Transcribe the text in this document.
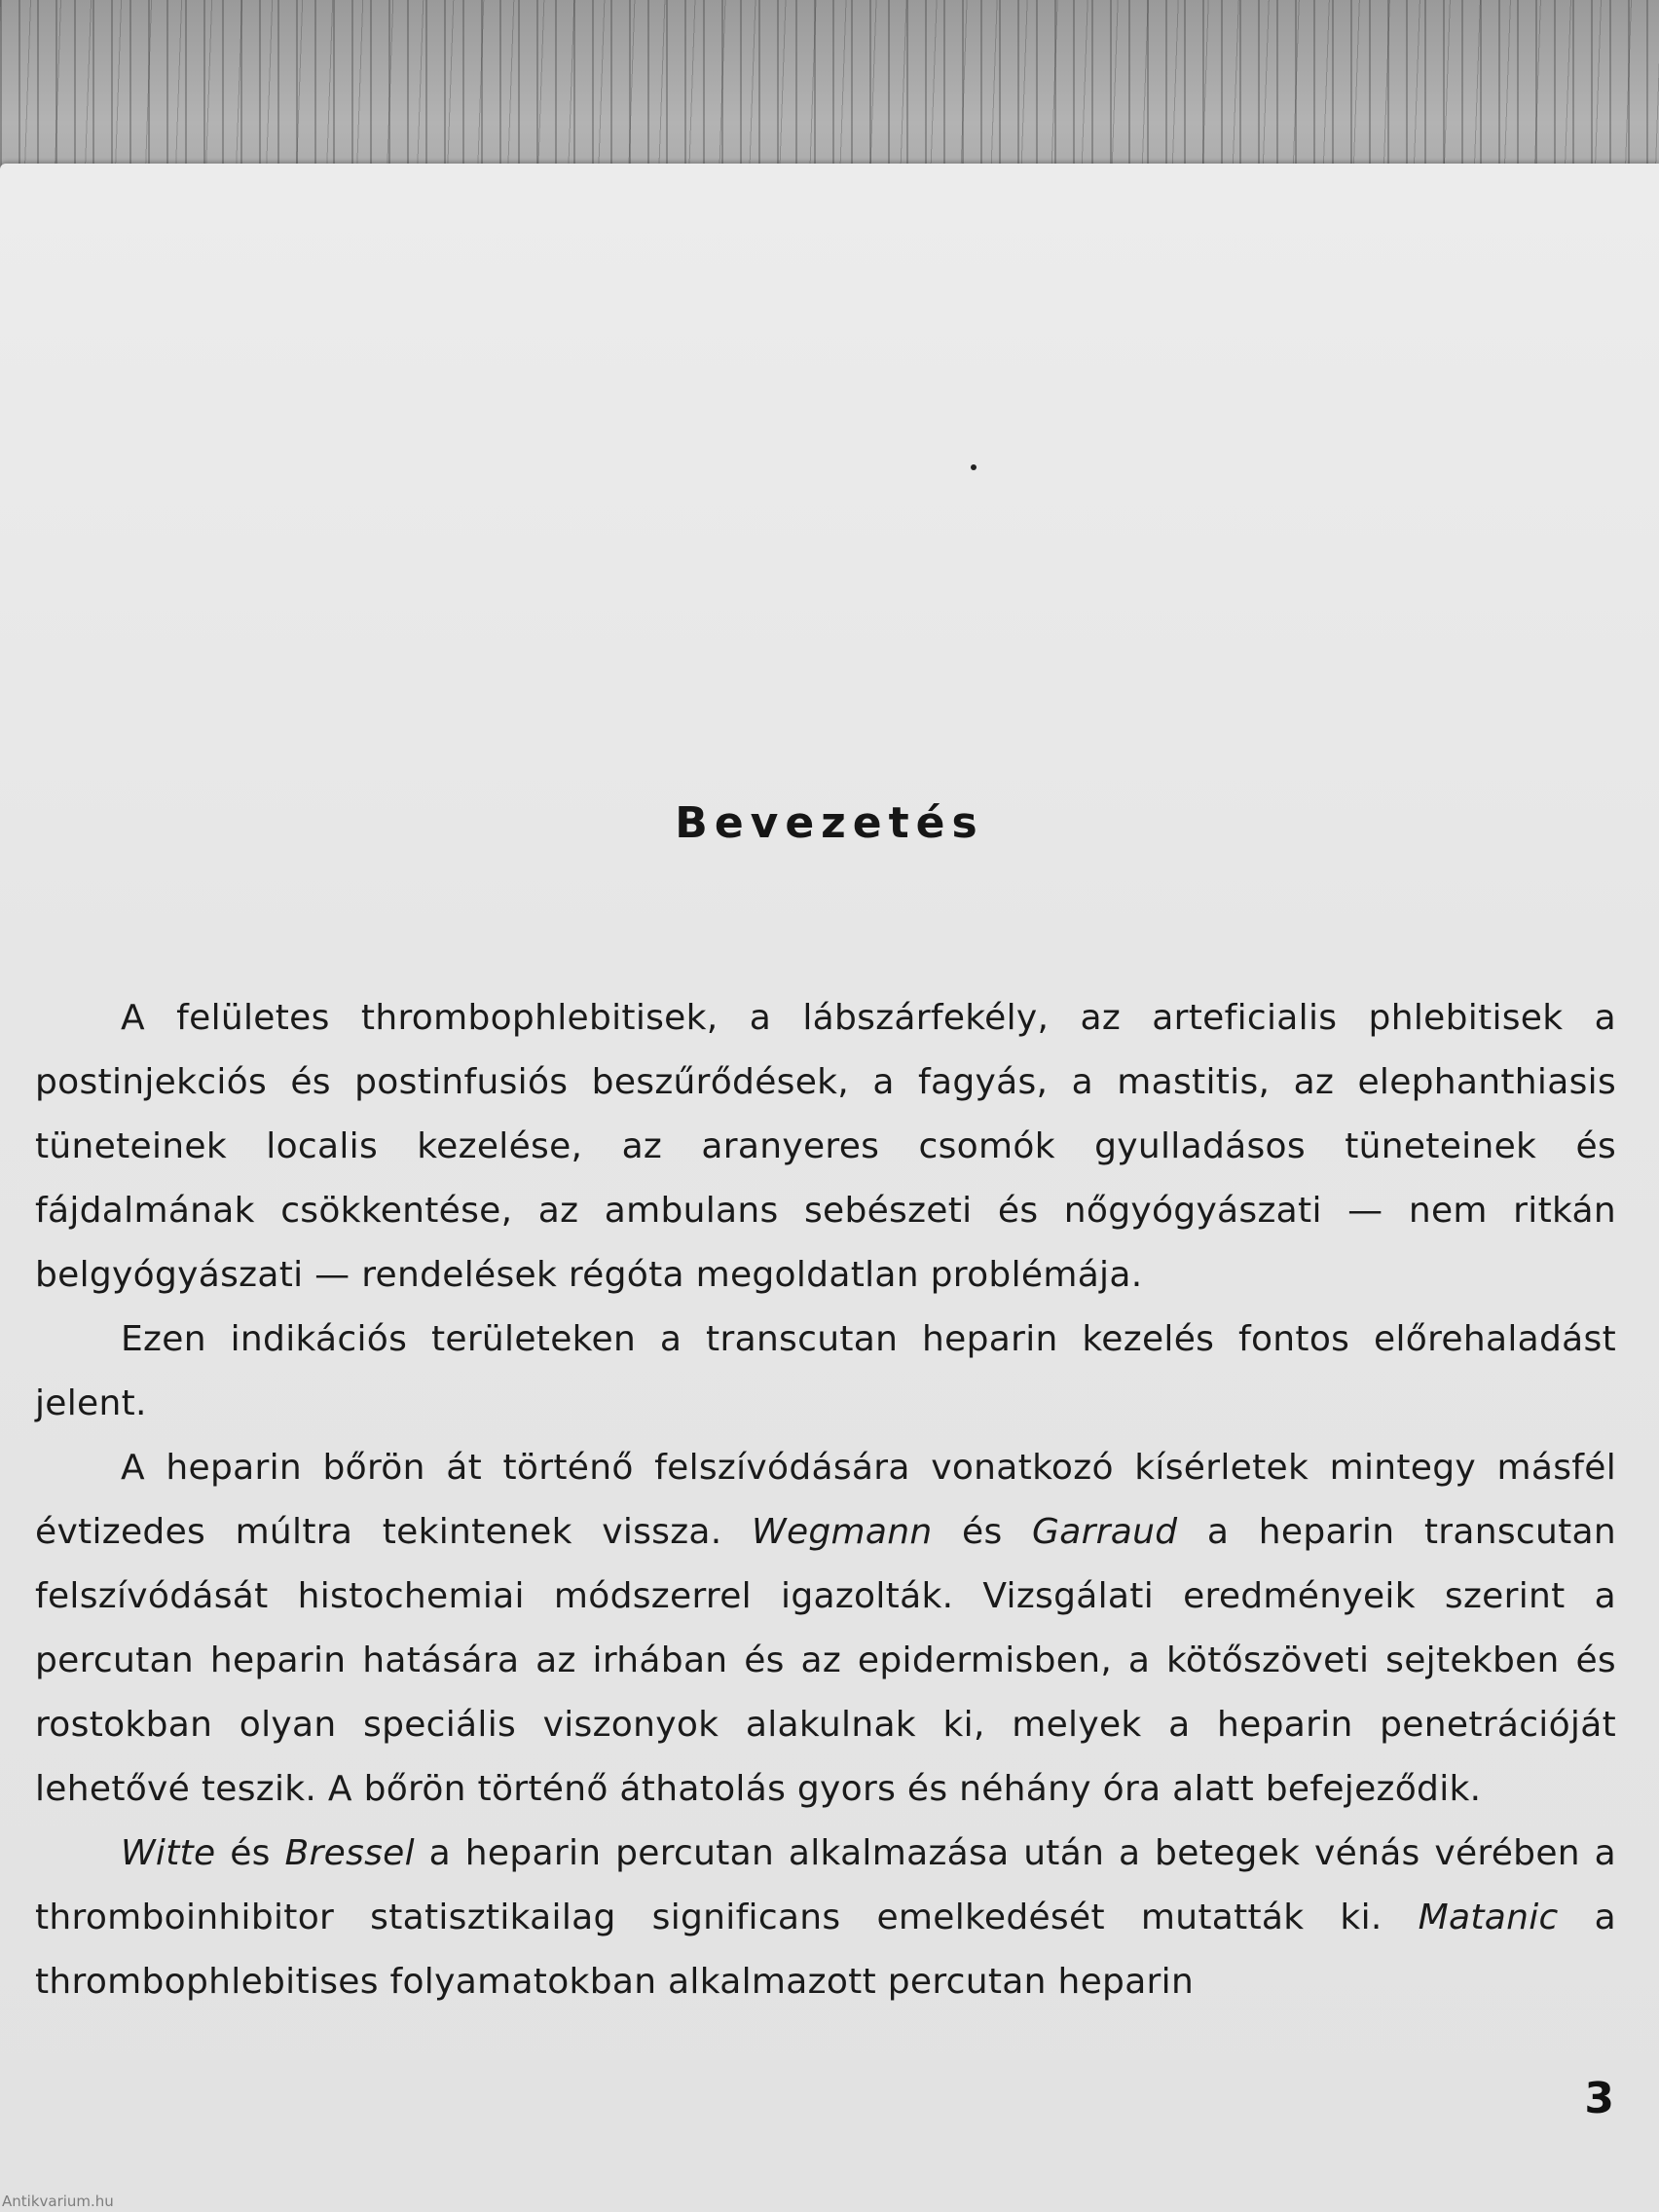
Bevezetés

A felületes thrombophlebitisek, a lábszárfekély, az arteficialis phlebitisek a postinjekciós és postinfusiós beszűrődések, a fagyás, a mastitis, az elephanthiasis tüneteinek localis kezelése, az aranyeres csomók gyulladásos tüneteinek és fájdalmának csökkentése, az ambulans sebészeti és nőgyógyászati — nem ritkán belgyógyászati — rendelések régóta megoldatlan problémája.

Ezen indikációs területeken a transcutan heparin kezelés fontos előrehaladást jelent.

A heparin bőrön át történő felszívódására vonatkozó kísérletek mintegy másfél évtizedes múltra tekintenek vissza. Wegmann és Garraud a heparin transcutan felszívódását histochemiai módszerrel igazolták. Vizsgálati eredményeik szerint a percutan heparin hatására az irhában és az epidermisben, a kötőszöveti sejtekben és rostokban olyan speciális viszonyok alakulnak ki, melyek a heparin penetrációját lehetővé teszik. A bőrön történő áthatolás gyors és néhány óra alatt befejeződik.

Witte és Bressel a heparin percutan alkalmazása után a betegek vénás vérében a thromboinhibitor statisztikailag significans emelkedését mutatták ki. Matanic a thrombophlebitises folyamatokban alkalmazott percutan heparin

3
Antikvarium.hu
